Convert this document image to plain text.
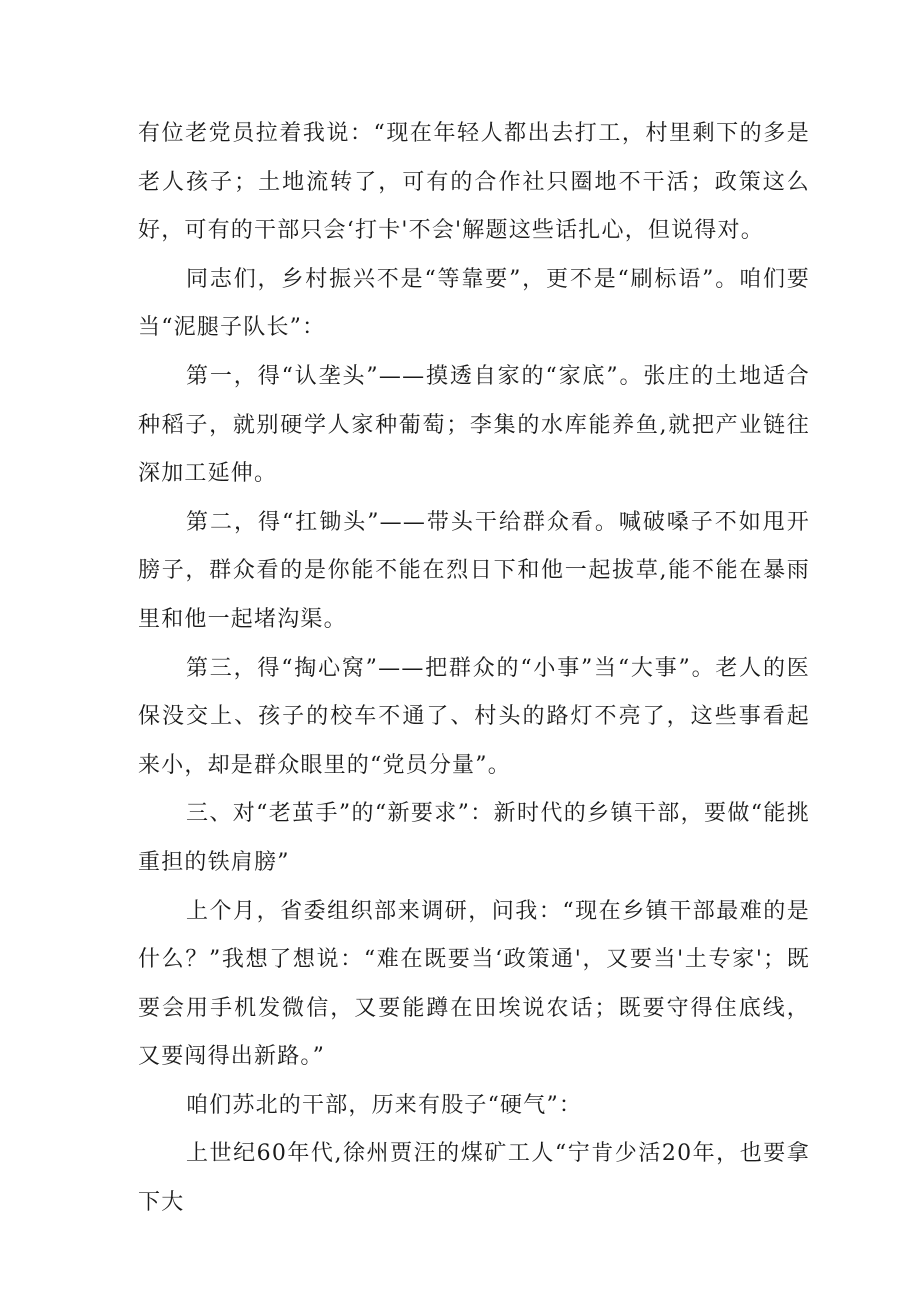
有位老党员拉着我说：“现在年轻人都出去打工，村里剩下的多是老人孩子；土地流转了，可有的合作社只圈地不干活；政策这么好，可有的干部只会‘打卡'不会'解题这些话扎心，但说得对。

同志们，乡村振兴不是“等靠要”，更不是“刷标语”。咱们要当“泥腿子队长”：

第一，得“认垄头”——摸透自家的“家底”。张庄的土地适合种稻子，就别硬学人家种葡萄；李集的水库能养鱼,就把产业链往深加工延伸。

第二，得“扛锄头”——带头干给群众看。喊破嗓子不如甩开膀子，群众看的是你能不能在烈日下和他一起拔草,能不能在暴雨里和他一起堵沟渠。

第三，得“掏心窝”——把群众的“小事”当“大事”。老人的医保没交上、孩子的校车不通了、村头的路灯不亮了，这些事看起来小，却是群众眼里的“党员分量”。

三、对“老茧手”的“新要求”：新时代的乡镇干部，要做“能挑重担的铁肩膀”

上个月，省委组织部来调研，问我：“现在乡镇干部最难的是什么？”我想了想说：“难在既要当‘政策通'，又要当'土专家'；既要会用手机发微信，又要能蹲在田埃说农话；既要守得住底线，又要闯得出新路。”

咱们苏北的干部，历来有股子“硬气”：

上世纪60年代,徐州贾汪的煤矿工人“宁肯少活20年，也要拿下大
